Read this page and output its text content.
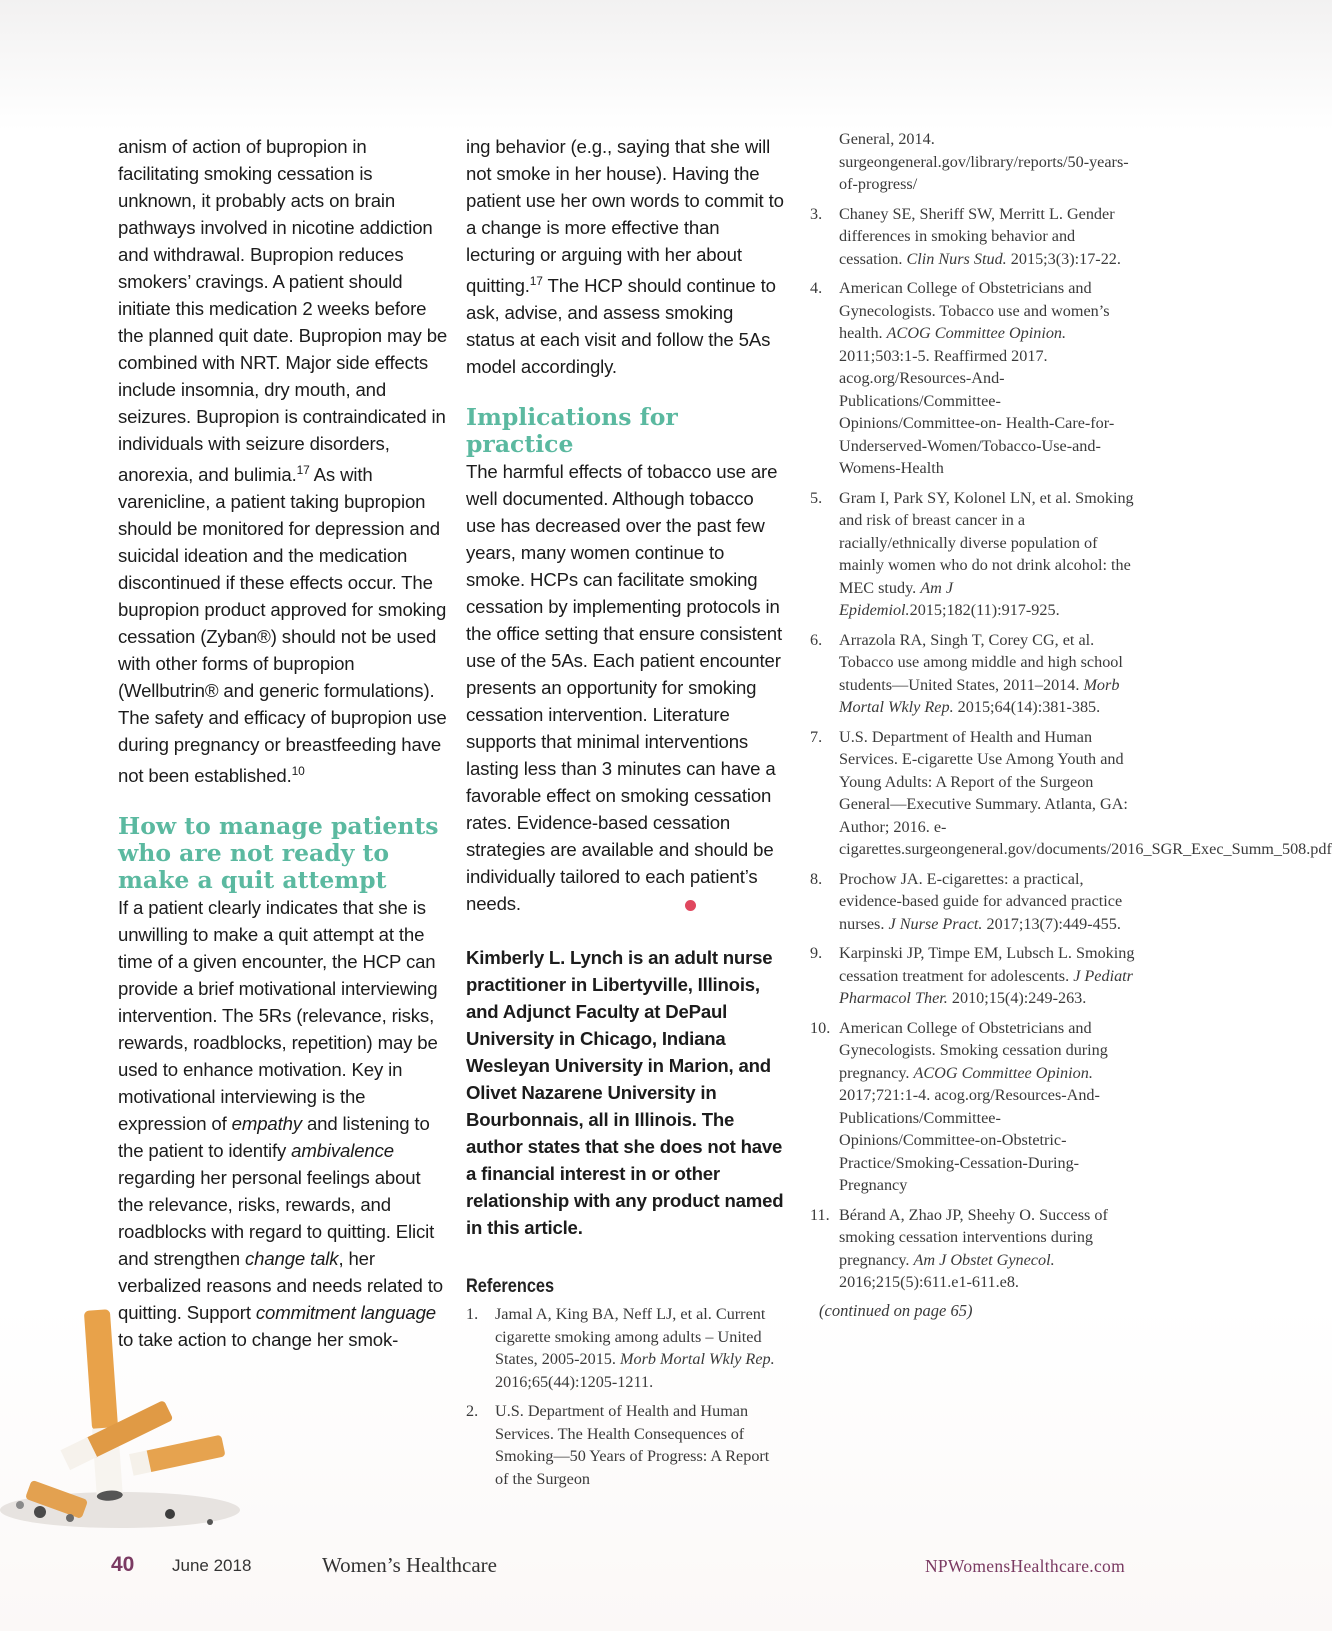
anism of action of bupropion in facilitating smoking cessation is unknown, it probably acts on brain pathways involved in nicotine addiction and withdrawal. Bupropion reduces smokers’ cravings. A patient should initiate this medication 2 weeks before the planned quit date. Bupropion may be combined with NRT. Major side effects include insomnia, dry mouth, and seizures. Bupropion is contraindicated in individuals with seizure disorders, anorexia, and bulimia.$^{17}$ As with varenicline, a patient taking bupropion should be monitored for depression and suicidal ideation and the medication discontinued if these effects occur. The bupropion product approved for smoking cessation (Zyban®) should not be used with other forms of bupropion (Wellbutrin® and generic formulations). The safety and efficacy of bupropion use during pregnancy or breastfeeding have not been established.$^{10}$

How to manage patients who are not ready to make a quit attempt

If a patient clearly indicates that she is unwilling to make a quit attempt at the time of a given encounter, the HCP can provide a brief motivational interviewing intervention. The 5Rs (relevance, risks, rewards, roadblocks, repetition) may be used to enhance motivation. Key in motivational interviewing is the expression of empathy and listening to the patient to identify ambivalence regarding her personal feelings about the relevance, risks, rewards, and roadblocks with regard to quitting. Elicit and strengthen change talk, her verbalized reasons and needs related to quitting. Support commitment language to take action to change her smok-

ing behavior (e.g., saying that she will not smoke in her house). Having the patient use her own words to commit to a change is more effective than lecturing or arguing with her about quitting.$^{17}$ The HCP should continue to ask, advise, and assess smoking status at each visit and follow the 5As model accordingly.

Implications for practice

The harmful effects of tobacco use are well documented. Although tobacco use has decreased over the past few years, many women continue to smoke. HCPs can facilitate smoking cessation by implementing protocols in the office setting that ensure consistent use of the 5As. Each patient encounter presents an opportunity for smoking cessation intervention. Literature supports that minimal interventions lasting less than 3 minutes can have a favorable effect on smoking cessation rates. Evidence-based cessation strategies are available and should be individually tailored to each patient’s needs.

Kimberly L. Lynch is an adult nurse practitioner in Libertyville, Illinois, and Adjunct Faculty at DePaul University in Chicago, Indiana Wesleyan University in Marion, and Olivet Nazarene University in Bourbonnais, all in Illinois. The author states that she does not have a financial interest in or other relationship with any product named in this article.

References
1. Jamal A, King BA, Neff LJ, et al. Current cigarette smoking among adults – United States, 2005-2015. Morb Mortal Wkly Rep. 2016;65(44):1205-1211.
2. U.S. Department of Health and Human Services. The Health Consequences of Smoking—50 Years of Progress: A Report of the Surgeon
General, 2014. surgeongeneral.gov/library/reports/50-years-of-progress/
3. Chaney SE, Sheriff SW, Merritt L. Gender differences in smoking behavior and cessation. Clin Nurs Stud. 2015;3(3):17-22.
4. American College of Obstetricians and Gynecologists. Tobacco use and women’s health. ACOG Committee Opinion. 2011;503:1-5. Reaffirmed 2017. acog.org/Resources-And-Publications/Committee-Opinions/Committee-on- Health-Care-for-Underserved-Women/Tobacco-Use-and-Womens-Health
5. Gram I, Park SY, Kolonel LN, et al. Smoking and risk of breast cancer in a racially/ethnically diverse population of mainly women who do not drink alcohol: the MEC study. Am J Epidemiol.2015;182(11):917-925.
6. Arrazola RA, Singh T, Corey CG, et al. Tobacco use among middle and high school students—United States, 2011–2014. Morb Mortal Wkly Rep. 2015;64(14):381-385.
7. U.S. Department of Health and Human Services. E-cigarette Use Among Youth and Young Adults: A Report of the Surgeon General—Executive Summary. Atlanta, GA: Author; 2016. e-cigarettes.surgeongeneral.gov/documents/2016_SGR_Exec_Summ_508.pdf
8. Prochow JA. E-cigarettes: a practical, evidence-based guide for advanced practice nurses. J Nurse Pract. 2017;13(7):449-455.
9. Karpinski JP, Timpe EM, Lubsch L. Smoking cessation treatment for adolescents. J Pediatr Pharmacol Ther. 2010;15(4):249-263.
10. American College of Obstetricians and Gynecologists. Smoking cessation during pregnancy. ACOG Committee Opinion. 2017;721:1-4. acog.org/Resources-And-Publications/Committee-Opinions/Committee-on-Obstetric-Practice/Smoking-Cessation-During-Pregnancy
11. Bérand A, Zhao JP, Sheehy O. Success of smoking cessation interventions during pregnancy. Am J Obstet Gynecol. 2016;215(5):611.e1-611.e8.

(continued on page 65)

40 June 2018	Women’s Healthcare	NPWomensHealthcare.com
